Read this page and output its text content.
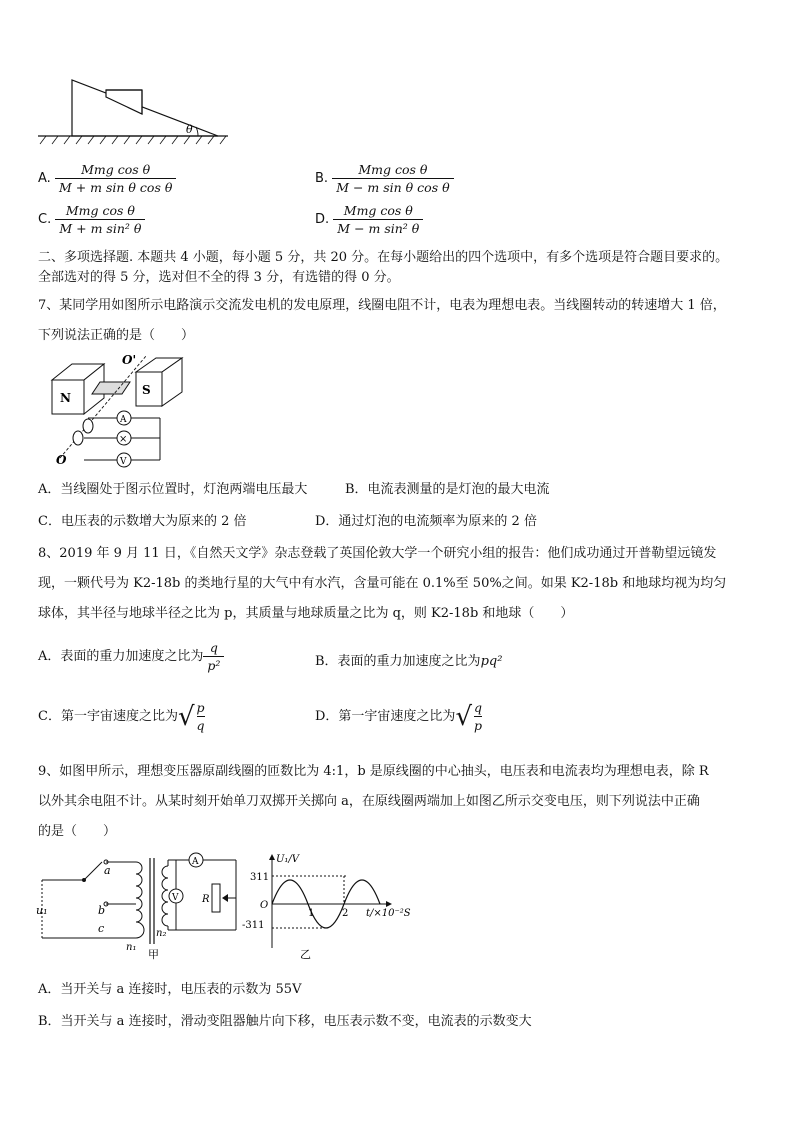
θ
A. $\frac{\text{Mmg cos θ}}{\text{M + m sin θ cos θ}}$	B. $\frac{\text{Mmg cos θ}}{\text{M − m sin θ cos θ}}$
C. $\frac{\text{Mmg cos θ}}{\text{M + m sin² θ}}$	D. $\frac{\text{Mmg cos θ}}{\text{M − m sin² θ}}$
二、多项选择题. 本题共 4 小题，每小题 5 分，共 20 分。在每小题给出的四个选项中，有多个选项是符合题目要求的。
全部选对的得 5 分，选对但不全的得 3 分，有选错的得 0 分。
7、某同学用如图所示电路演示交流发电机的发电原理，线圈电阻不计，电表为理想电表。当线圈转动的转速增大 1 倍，
下列说法正确的是（　　）
N
S
O'
O
A
×
V
A．当线圈处于图示位置时，灯泡两端电压最大	B．电流表测量的是灯泡的最大电流
C．电压表的示数增大为原来的 2 倍	D．通过灯泡的电流频率为原来的 2 倍
8、2019 年 9 月 11 日，《自然天文学》杂志登载了英国伦敦大学一个研究小组的报告：他们成功通过开普勒望远镜发
现，一颗代号为 K2-18b 的类地行星的大气中有水汽，含量可能在 0.1%至 50%之间。如果 K2-18b 和地球均视为均匀
球体，其半径与地球半径之比为 p，其质量与地球质量之比为 q，则 K2-18b 和地球（　　）
A．表面的重力加速度之比为 $\frac{q}{\text{p²}}$	B．表面的重力加速度之比为pq²
C．第一宇宙速度之比为 √ p
q
D．第一宇宙速度之比为 √ q
p
9、如图甲所示，理想变压器原副线圈的匝数比为 4:1，b 是原线圈的中心抽头，电压表和电流表均为理想电表，除 R
以外其余电阻不计。从某时刻开始单刀双掷开关掷向 a，在原线圈两端加上如图乙所示交变电压，则下列说法中正确
的是（　　）
u₁
a
b
c
n₁
n₂
A
V R
甲
U₁/V
311
-311
O
1	2 t/×10⁻²S
乙
A．当开关与 a 连接时，电压表的示数为 55V
B．当开关与 a 连接时，滑动变阻器触片向下移，电压表示数不变，电流表的示数变大
